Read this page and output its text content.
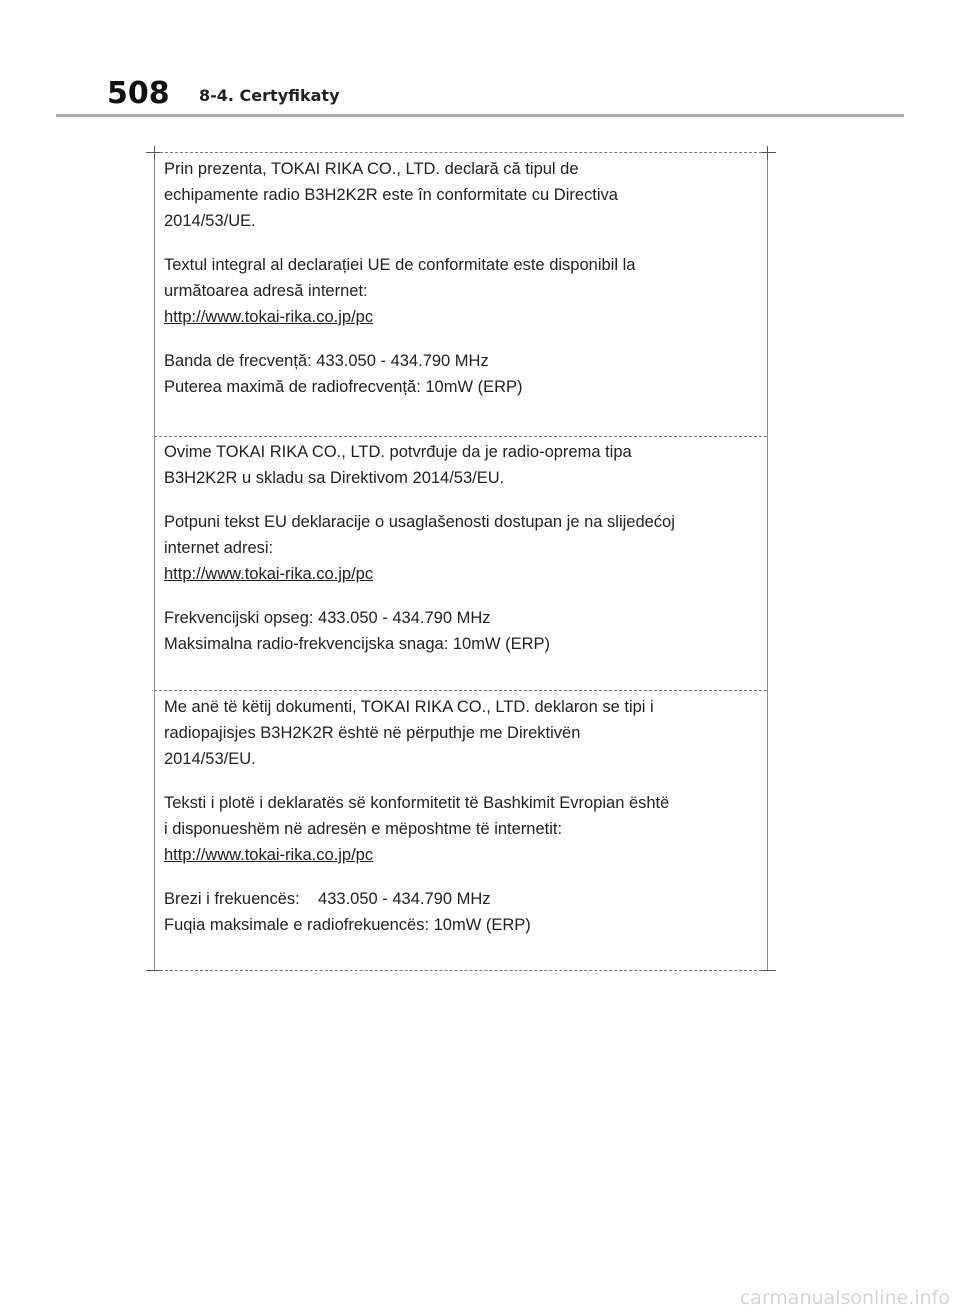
508 8-4. Certyfikaty

Prin prezenta, TOKAI RIKA CO., LTD. declară că tipul de

echipamente radio B3H2K2R este în conformitate cu Directiva

2014/53/UE.

Textul integral al declarației UE de conformitate este disponibil la

următoarea adresă internet:

http://www.tokai-rika.co.jp/pc

Banda de frecvență: 433.050 - 434.790 MHz

Puterea maximă de radiofrecvență: 10mW (ERP)

Ovime TOKAI RIKA CO., LTD. potvrđuje da je radio-oprema tipa

B3H2K2R u skladu sa Direktivom 2014/53/EU.

Potpuni tekst EU deklaracije o usaglašenosti dostupan je na slijedećoj

internet adresi:

http://www.tokai-rika.co.jp/pc

Frekvencijski opseg: 433.050 - 434.790 MHz

Maksimalna radio-frekvencijska snaga: 10mW (ERP)

Me anë të këtij dokumenti, TOKAI RIKA CO., LTD. deklaron se tipi i

radiopajisjes B3H2K2R është në përputhje me Direktivën

2014/53/EU.

Teksti i plotë i deklaratës së konformitetit të Bashkimit Evropian është

i disponueshëm në adresën e mëposhtme të internetit:

http://www.tokai-rika.co.jp/pc

Brezi i frekuencës:    433.050 - 434.790 MHz

Fuqia maksimale e radiofrekuencës: 10mW (ERP)

carmanualsonline.info
